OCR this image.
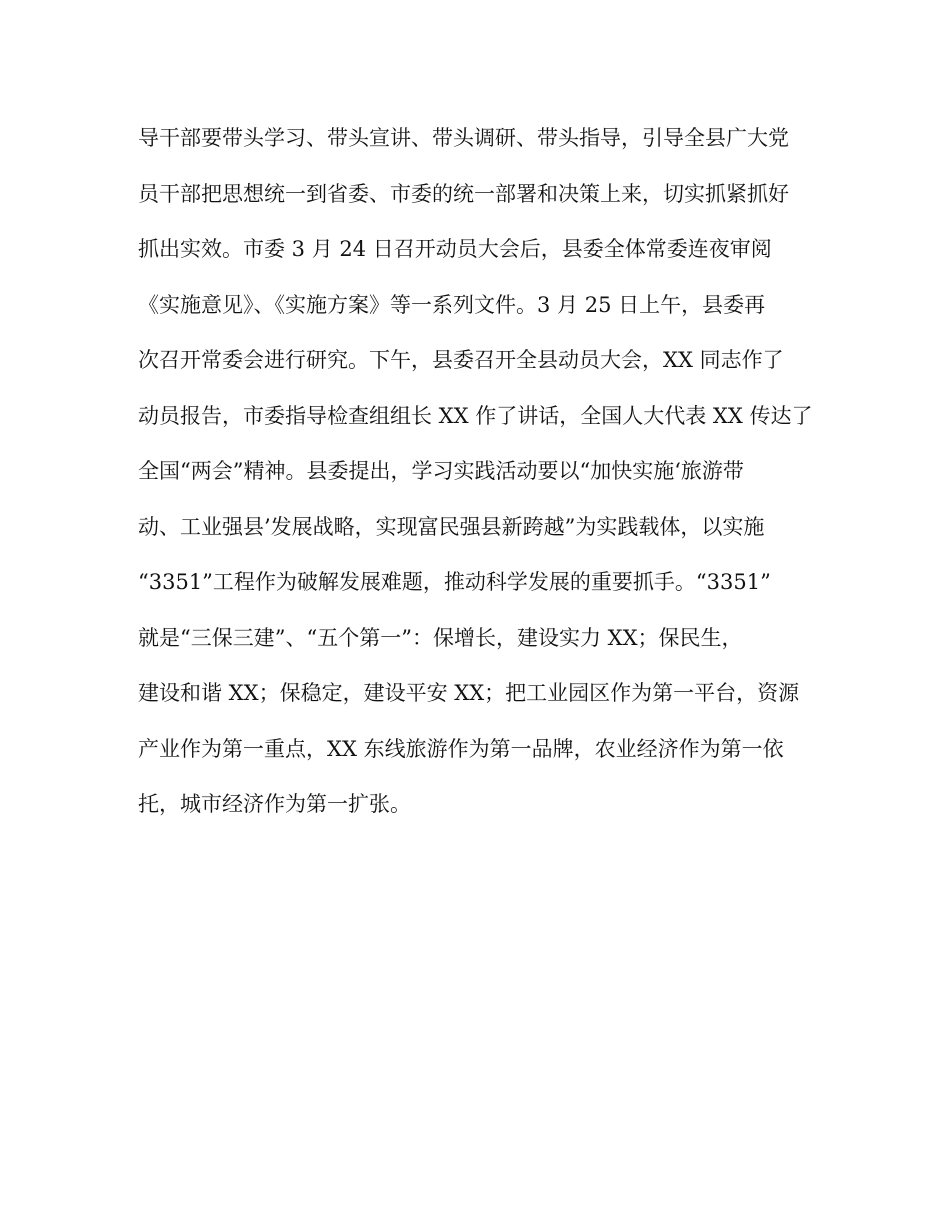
导干部要带头学习、带头宣讲、带头调研、带头指导，引导全县广大党
员干部把思想统一到省委、市委的统一部署和决策上来，切实抓紧抓好
抓出实效。市委 3 月 24 日召开动员大会后，县委全体常委连夜审阅
《实施意见》、《实施方案》等一系列文件。3 月 25 日上午，县委再
次召开常委会进行研究。下午，县委召开全县动员大会，XX 同志作了
动员报告，市委指导检查组组长 XX 作了讲话，全国人大代表 XX 传达了
全国“两会”精神。县委提出，学习实践活动要以“加快实施‘旅游带
动、工业强县’发展战略，实现富民强县新跨越”为实践载体，以实施
“3351”工程作为破解发展难题，推动科学发展的重要抓手。“3351”
就是“三保三建”、“五个第一”：保增长，建设实力 XX；保民生，
建设和谐 XX；保稳定，建设平安 XX；把工业园区作为第一平台，资源
产业作为第一重点，XX 东线旅游作为第一品牌，农业经济作为第一依
托，城市经济作为第一扩张。
